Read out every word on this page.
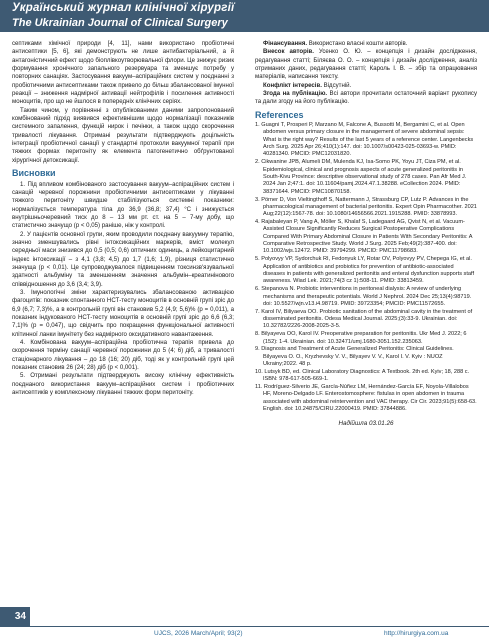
Український журнал клінічної хірургії
The Ukrainian Journal of Clinical Surgery

септиками хімічної природи [4, 11], нами використано пробіотичні антисептики [5, 6], які демонструють не лише антибактеріальний, а й антагоністичний ефект щодо біоплівкоутворювальної флори. Це знижує ризик формування хронічного запального резервуара та зменшує потребу у повторних санаціях. Застосування вакуум–аспіраційних систем у поєднанні з пробіотичними антисептиками також привело до більш збалансованої імунної реакції – зниження надмірної активації нейтрофілів і посилення активності моноцитів, про що не йшлося в попередніх клінічних серіях.

Таким чином, у порівнянні з опублікованими даними запропонований комбінований підхід виявився ефективнішим щодо нормалізації показників системного запалення, функцій нирок і печінки, а також щодо скорочення тривалості лікування. Отримані результати підтверджують доцільність інтеграції пробіотичної санації у стандартні протоколи вакуумної терапії при тяжких формах перитоніту як елемента патогенетично обґрунтованої хірургічної детоксикації.

Висновки

1. Під впливом комбінованого застосування вакуум–аспіраційних систем і санацій черевної порожнини пробіотичними антисептиками у лікуванні тяжкого перитоніту швидше стабілізуються системні показники: нормалізується температура тіла до 36,9 (36,8; 37,4) °С і знижується внутрішньочеревний тиск до 8 – 13 мм рт. ст. на 5 – 7-му добу, що статистично значущо (p < 0,05) раніше, ніж у контролі.

2. У пацієнтів основної групи, яким проводили поєднану вакуумну терапію, значно зменшувались рівні інтоксикаційних маркерів, вміст молекул середньої маси знизився до 0,5 (0,5; 0,6) оптичних одиниць, а лейкоцитарний індекс інтоксикації – з 4,1 (3,8; 4,5) до 1,7 (1,6; 1,9), різниця статистично значуща (p < 0,01). Це супроводжувалося підвищенням токсинзв'язувальної здатності альбуміну та зменшенням значення альбумін–креатинінового співвідношення до 3,6 (3,4; 3,9).

3. Імунологічні зміни характеризувались збалансованою активацією фагоцитів: показник спонтанного НСТ-тесту моноцитів в основній групі зріс до 6,9 (6,7; 7,3)%, а в контрольній групі він становив 5,2 (4,9; 5,6)% (p = 0,011), а показник індукованого НСТ-тесту моноцитів в основній групі зріс до 6,6 (6,3; 7,1)% (p = 0,047), що свідчить про покращення функціональної активності клітинної ланки імунітету без надмірного оксидативного навантаження.

4. Комбінована вакуум–аспіраційна пробіотична терапія привела до скорочення терміну санації черевної порожнини до 5 (4; 6) діб, а тривалості стаціонарного лікування – до 18 (16; 20) діб, тоді як у контрольній групі цей показник становив 26 (24; 28) діб (p < 0,001).

5. Отримані результати підтверджують високу клінічну ефективність поєднаного використання вакуум–аспіраційних систем і пробіотичних антисептиків у комплексному лікуванні тяжких форм перитоніту.

Фінансування. Використано власні кошти авторів.

Внесок авторів. Усенко О. Ю. – концепція і дизайн дослідження, редагування статті; Біляєва О. О. – концепція і дизайн дослідження, аналіз отриманих даних, редагування статті; Кароль І. В. – збір та опрацювання матеріалів, написання тексту.

Конфлікт інтересів. Відсутній.

Згода на публікацію. Всі автори прочитали остаточний варіант рукопису та дали згоду на його публікацію.

References
1. Guagni T, Prosperi P, Marzano M, Falcone A, Bussotti M, Bergamini C, et al. Open abdomen versus primary closure in the management of severe abdominal sepsis: What is the right way? Results of the last 5 years of a reference center. Langenbecks Arch Surg. 2025 Apr 26;410(1):147. doi: 10.1007/s00423-025-03693-w. PMID: 40281340. PMCID: PMC12031820.
2. Cikwanine JPB, Alumeli DM, Mulenda KJ, Isa-Somo PK, Yoyu JT, Ciza PM, et al. Epidemiological, clinical and prognosis aspects of acute generalized peritonitis in South-Kivu Province: descriptive observational study of 278 cases. Pan Afr Med J. 2024 Jan 2;47:1. doi: 10.11604/pamj.2024.47.1.38288. eCollection 2024. PMID: 38371644. PMCID: PMC10870158.
3. Pörner D, Von Vieltingthoff S, Nattermann J, Strassburg CP, Lutz P. Advances in the pharmacological management of bacterial peritonitis. Expert Opin Pharmacother. 2021 Aug;22(12):1567-78. doi: 10.1080/14656566.2021.1915288. PMID: 33878993.
4. Rajabaleyan P, Vang A, Möller S, Khalaf S, Ladegaard AG, Qvist N, et al. Vacuum-Assisted Closure Significantly Reduces Surgical Postoperative Complications Compared With Primary Abdominal Closure in Patients With Secondary Peritonitis: A Comparative Retrospective Study. World J Surg. 2025 Feb;49(2):387-400. doi: 10.1002/wjs.12472. PMID: 39794299. PMCID: PMC11798683.
5. Polyovyy VP, Sydorchuk RI, Fedonyuk LY, Rotar OV, Polyovyy PV, Chepega IG, et al. Application of antibiotics and probiotics for prevention of antibiotic-associated diseases in patients with generalized peritonitis and enteral dysfunction supports staff awareness. Wiad Lek. 2021;74(3 cz 1):508-11. PMID: 33813459.
6. Stepanova N. Probiotic interventions in peritoneal dialysis: A review of underlying mechanisms and therapeutic potentials. World J Nephrol. 2024 Dec 25;13(4):98719. doi: 10.5527/wjn.v13.i4.98719. PMID: 39723354; PMCID: PMC11572655.
7. Karol IV, Biliyaeva OO. Probiotic sanitation of the abdominal cavity in the treatment of disseminated peritonitis. Odesa Medical Journal. 2025;(3):33-9. Ukrainian. doi: 10.32782/2226-2008-2025-3-5.
8. Bilyayeva OO, Karol IV. Preoperative preparation for peritonitis. Ukr Med J. 2022; 6 (152): 1-4. Ukrainian. doi: 10.32471/umj.1680-3051.152.235063.
9. Diagnosis and Treatment of Acute Generalized Peritonitis: Clinical Guidelines. Bilyayeva O. O., Kryzhevsky V. V., Bilyayev V. V., Karol I. V. Kyiv : NUOZ Ukrainy;2022. 48 p.
10. Lutsyk BD, ed. Clinical Laboratory Diagnostics: A Textbook. 2th ed. Kyiv; 18, 288 c. ISBN: 978-617-505-669-1.
11. Rodríguez-Silverio JE, García-Núñez LM, Hernández-García EF, Noyola-Villalobos HF, Moreno-Delgado LF. Enterostomosphere: fistulas in open abdomen in trauma associated with abdominal reintervention and VAC therapy. Cir Cir. 2023;91(5):658-63. English. doi: 10.24875/CIRU.22000419. PMID: 37844886.
Надійшла 03.01.26
34
UJCS, 2026 March/April; 93(2)	http://hirurgiya.com.ua
